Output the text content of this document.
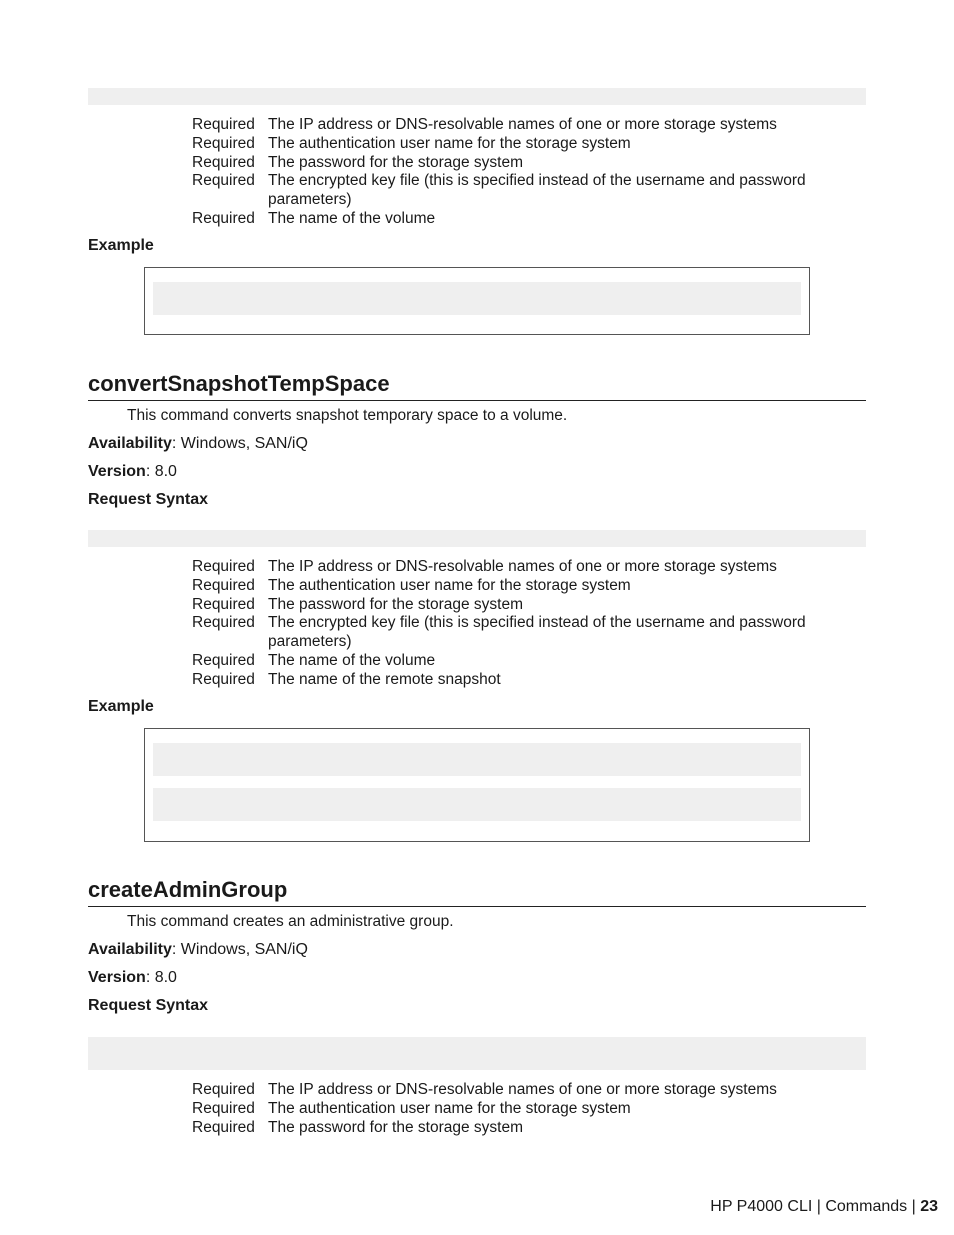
Required The IP address or DNS-resolvable names of one or more storage systems
Required The authentication user name for the storage system
Required The password for the storage system
Required The encrypted key file (this is specified instead of the username and password parameters)
Required The name of the volume
Example
convertSnapshotTempSpace
This command converts snapshot temporary space to a volume.
Availability: Windows, SAN/iQ
Version: 8.0
Request Syntax
Required The IP address or DNS-resolvable names of one or more storage systems
Required The authentication user name for the storage system
Required The password for the storage system
Required The encrypted key file (this is specified instead of the username and password parameters)
Required The name of the volume
Required The name of the remote snapshot
Example
createAdminGroup
This command creates an administrative group.
Availability: Windows, SAN/iQ
Version: 8.0
Request Syntax
Required The IP address or DNS-resolvable names of one or more storage systems
Required The authentication user name for the storage system
Required The password for the storage system
HP P4000 CLI | Commands | 23
